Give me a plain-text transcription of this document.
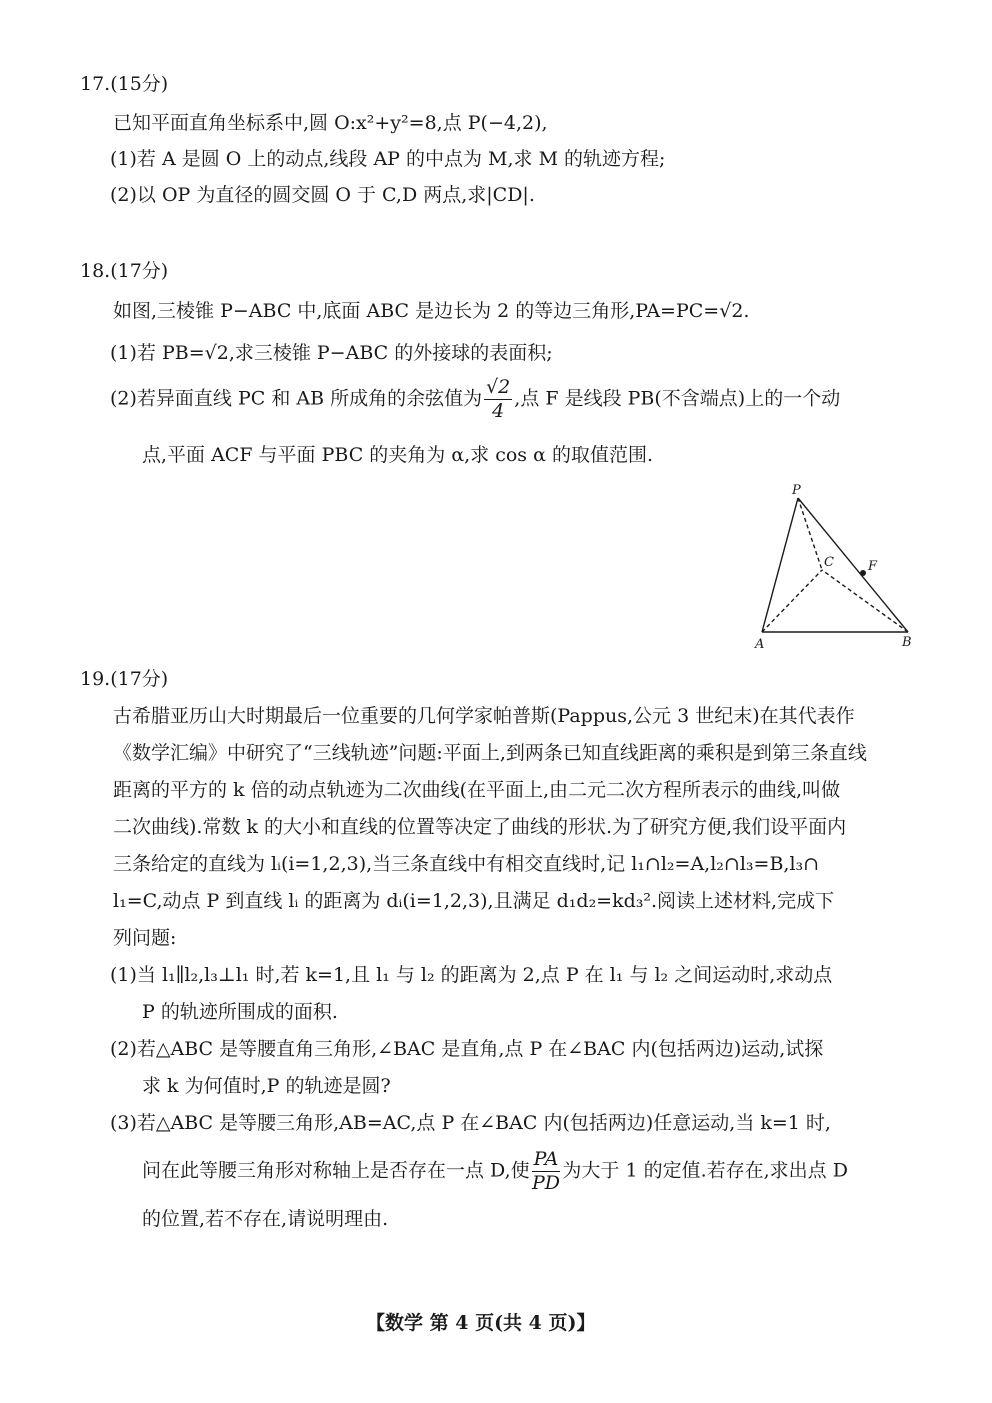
17.(15分)
已知平面直角坐标系中,圆 O:x²+y²=8,点 P(−4,2),
(1)若 A 是圆 O 上的动点,线段 AP 的中点为 M,求 M 的轨迹方程;
(2)以 OP 为直径的圆交圆 O 于 C,D 两点,求|CD|.
18.(17分)
如图,三棱锥 P−ABC 中,底面 ABC 是边长为 2 的等边三角形,PA=PC=√2.
(1)若 PB=√2,求三棱锥 P−ABC 的外接球的表面积;
(2)若异面直线 PC 和 AB 所成角的余弦值为 $\frac{√2}{4}$ ,点 F 是线段 PB(不含端点)上的一个动
点,平面 ACF 与平面 PBC 的夹角为 α,求 cos α 的取值范围.
P
C	F
A	B
19.(17分)
古希腊亚历山大时期最后一位重要的几何学家帕普斯(Pappus,公元 3 世纪末)在其代表作
《数学汇编》中研究了“三线轨迹”问题:平面上,到两条已知直线距离的乘积是到第三条直线
距离的平方的 k 倍的动点轨迹为二次曲线(在平面上,由二元二次方程所表示的曲线,叫做
二次曲线).常数 k 的大小和直线的位置等决定了曲线的形状.为了研究方便,我们设平面内
三条给定的直线为 lᵢ(i=1,2,3),当三条直线中有相交直线时,记 l₁∩l₂=A,l₂∩l₃=B,l₃∩
l₁=C,动点 P 到直线 lᵢ 的距离为 dᵢ(i=1,2,3),且满足 d₁d₂=kd₃².阅读上述材料,完成下
列问题:
(1)当 l₁∥l₂,l₃⊥l₁ 时,若 k=1,且 l₁ 与 l₂ 的距离为 2,点 P 在 l₁ 与 l₂ 之间运动时,求动点
P 的轨迹所围成的面积.
(2)若△ABC 是等腰直角三角形,∠BAC 是直角,点 P 在∠BAC 内(包括两边)运动,试探
求 k 为何值时,P 的轨迹是圆?
(3)若△ABC 是等腰三角形,AB=AC,点 P 在∠BAC 内(包括两边)任意运动,当 k=1 时,
问在此等腰三角形对称轴上是否存在一点 D,使 $\frac{PA}{PD}$ 为大于 1 的定值.若存在,求出点 D
的位置,若不存在,请说明理由.
【数学 第 4 页(共 4 页)】
